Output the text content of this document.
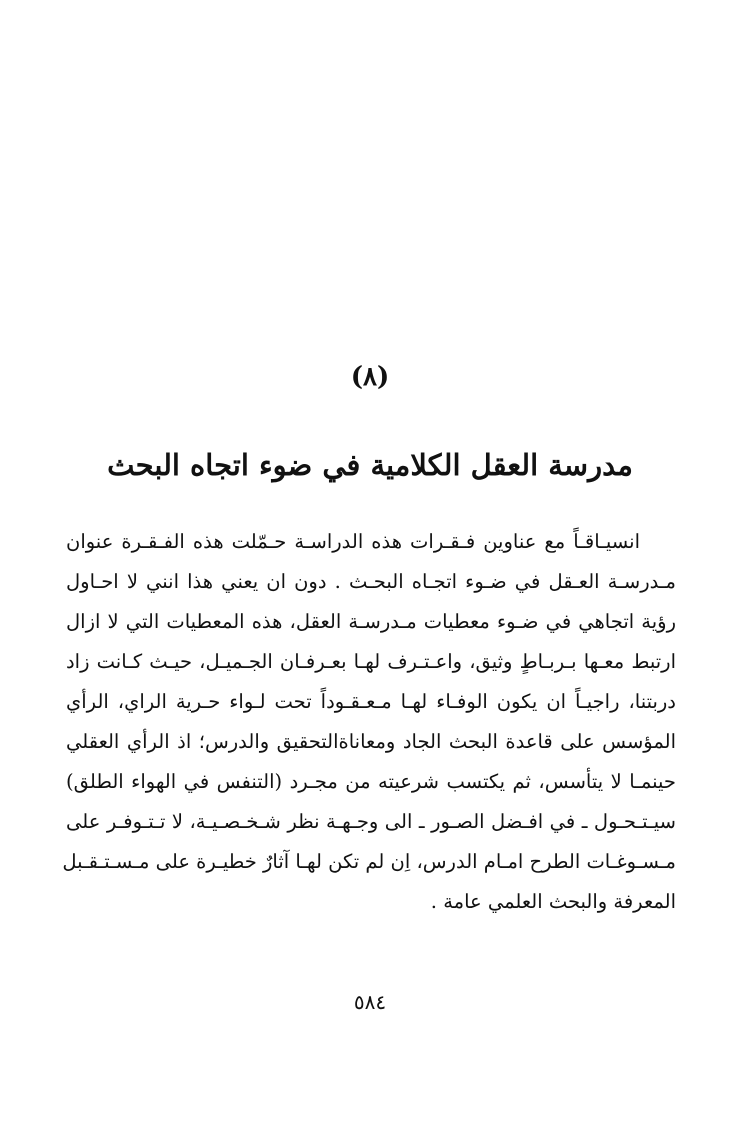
(٨)
مدرسة العقل الكلامية في ضوء اتجاه البحث
انسيـاقـاً مع عناوين فـقـرات هذه الدراسـة حـمّلت هذه الفـقـرة عنوان
مـدرسـة العـقل في ضـوء اتجـاه البحـث . دون ان يعني هذا انني لا احـاول
رؤية اتجاهي في ضـوء معطيات مـدرسـة العقل، هذه المعطيات التي لا ازال
ارتبط معـها بـربـاطٍ وثيق، واعـتـرف لهـا بعـرفـان الجـميـل، حيـث كـانت زاد
دربتنا، راجيـاً ان يكون الوفـاء لهـا مـعـقـوداً تحت لـواء حـرية الراي، الرأي
المؤسس على قاعدة البحث الجاد ومعاناةالتحقيق والدرس؛ اذ الرأي العقلي
حينمـا لا يتأسس، ثم يكتسب شرعيته من مجـرد (التنفس في الهواء الطلق)
سيـتـحـول ـ في افـضل الصـور ـ الى وجـهـة نظر شـخـصـيـة، لا تـتـوفـر على
مـسـوغـات الطرح امـام الدرس، اِن لم تكن لهـا آثارٌ خطيـرة على مـسـتـقـبل
المعرفة والبحث العلمي عامة .
٥٨٤
